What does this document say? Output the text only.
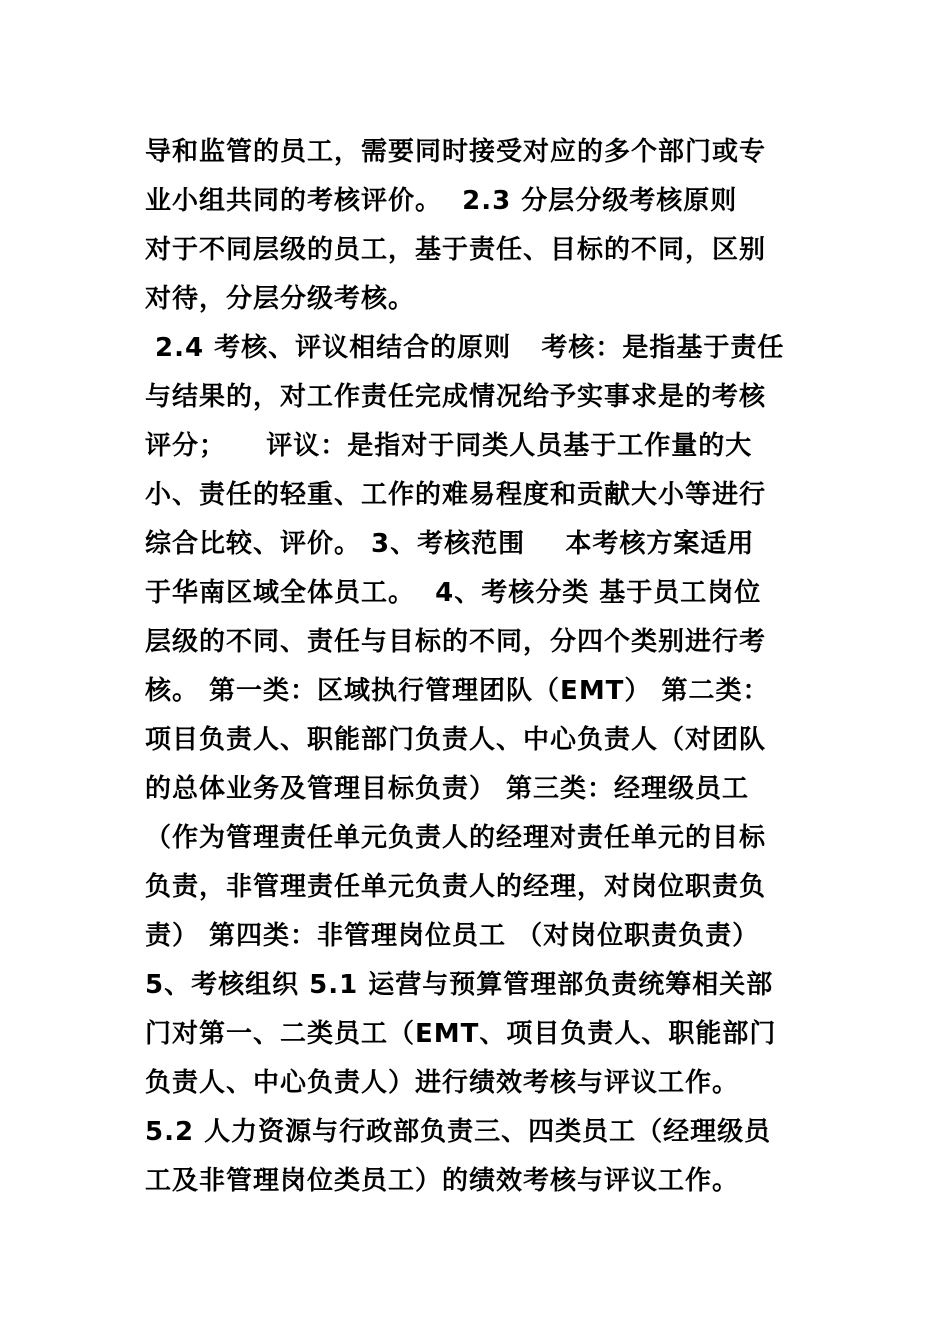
导和监管的员工，需要同时接受对应的多个部门或专
业小组共同的考核评价。  2.3 分层分级考核原则
对于不同层级的员工，基于责任、目标的不同，区别
对待，分层分级考核。
2.4 考核、评议相结合的原则   考核：是指基于责任
与结果的，对工作责任完成情况给予实事求是的考核
评分；    评议：是指对于同类人员基于工作量的大
小、责任的轻重、工作的难易程度和贡献大小等进行
综合比较、评价。 3、考核范围    本考核方案适用
于华南区域全体员工。  4、考核分类 基于员工岗位
层级的不同、责任与目标的不同，分四个类别进行考
核。 第一类：区域执行管理团队（EMT） 第二类：
项目负责人、职能部门负责人、中心负责人（对团队
的总体业务及管理目标负责） 第三类：经理级员工
（作为管理责任单元负责人的经理对责任单元的目标
负责，非管理责任单元负责人的经理，对岗位职责负
责） 第四类：非管理岗位员工 （对岗位职责负责）
5、考核组织 5.1 运营与预算管理部负责统筹相关部
门对第一、二类员工（EMT、项目负责人、职能部门
负责人、中心负责人）进行绩效考核与评议工作。
5.2 人力资源与行政部负责三、四类员工（经理级员
工及非管理岗位类员工）的绩效考核与评议工作。
